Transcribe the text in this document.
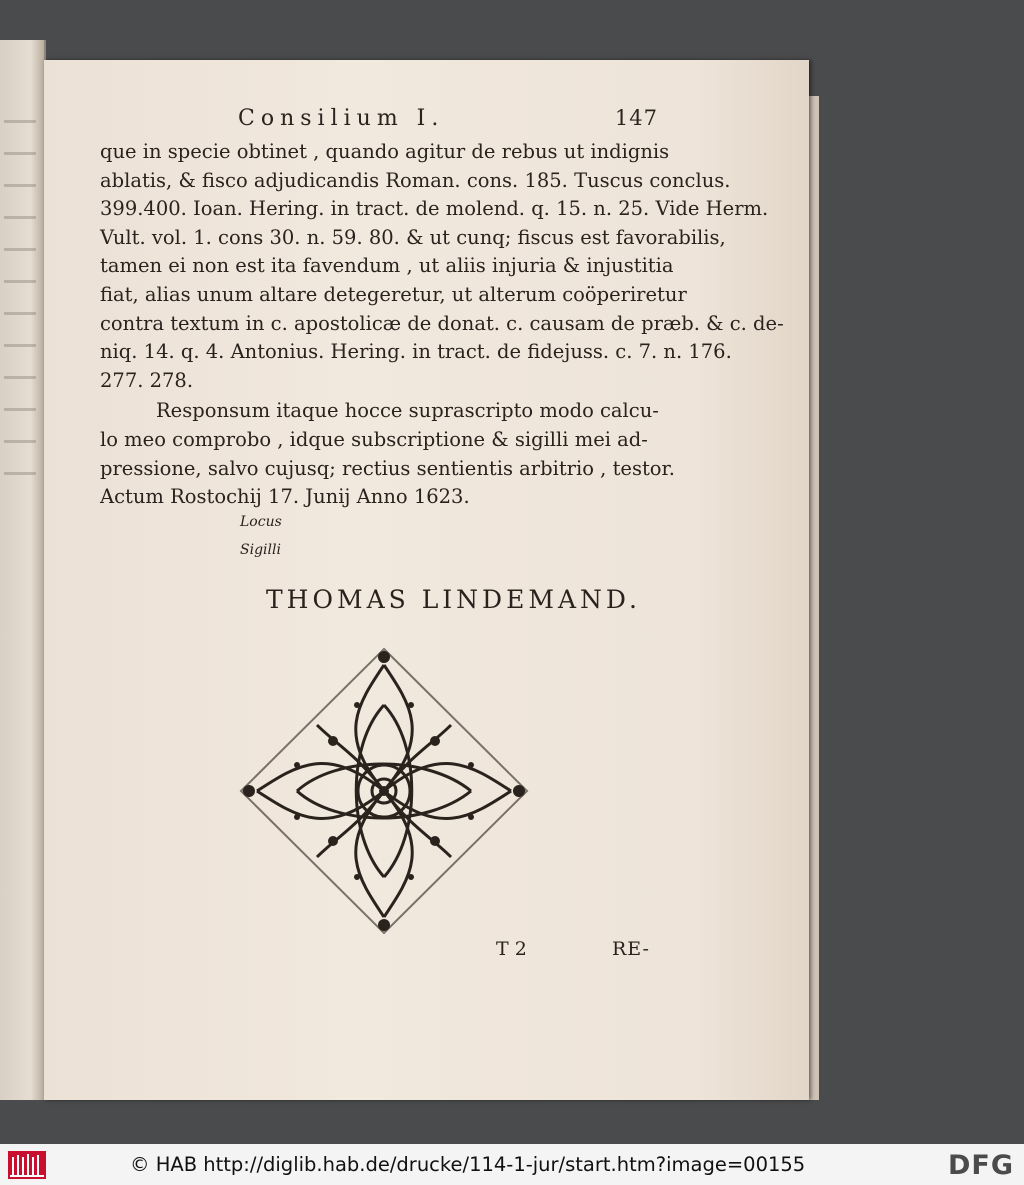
Consilium I.	147
que in specie obtinet , quando agitur de rebus ut indignis
ablatis, & fisco adjudicandis Roman. cons. 185. Tuscus conclus.
399.400. Ioan. Hering. in tract. de molend. q. 15. n. 25. Vide Herm.
Vult. vol. 1. cons 30. n. 59. 80. & ut cunq; fiscus est favorabilis,
tamen ei non est ita favendum , ut aliis injuria & injustitia
fiat, alias unum altare detegeretur, ut alterum coöperiretur
contra textum in c. apostolicæ de donat. c. causam de præb. & c. de-
niq. 14. q. 4. Antonius. Hering. in tract. de fidejuss. c. 7. n. 176.
277. 278.
Responsum itaque hocce suprascripto modo calcu-
lo meo comprobo , idque subscriptione & sigilli mei ad-
pressione, salvo cujusq; rectius sentientis arbitrio , testor.
Actum Rostochij 17. Junij Anno 1623.
Locus
Sigilli
THOMAS LINDEMAND.
T 2	RE-
© HAB http://diglib.hab.de/drucke/114-1-jur/start.htm?image=00155	DFG
